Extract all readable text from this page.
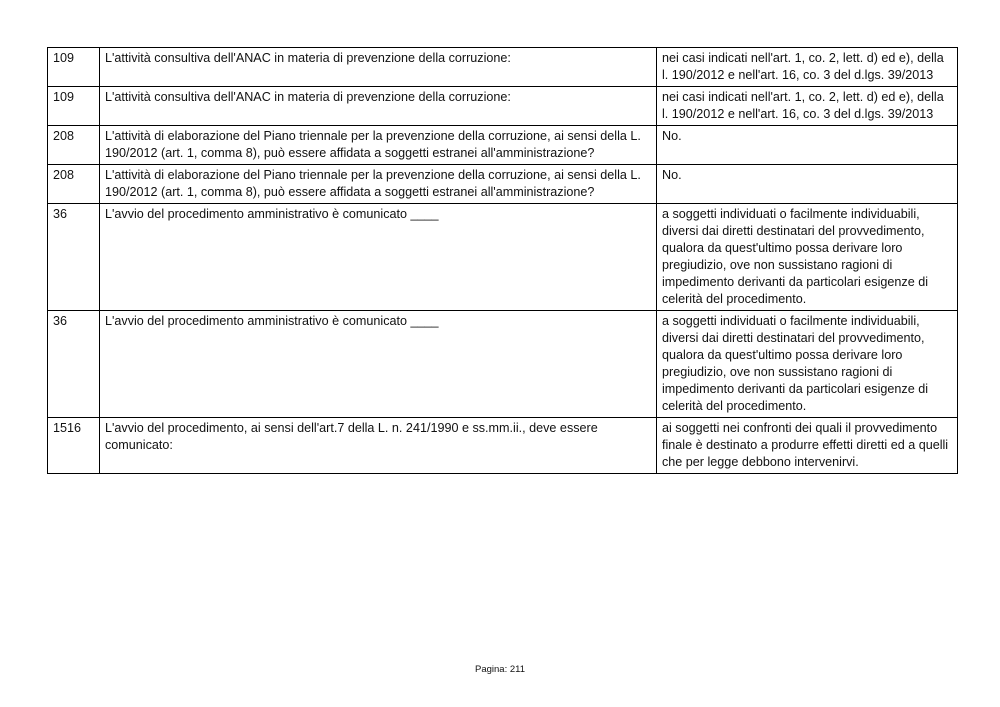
109	L'attività consultiva dell'ANAC in materia di prevenzione della corruzione:	nei casi indicati nell'art. 1, co. 2, lett. d) ed e), della l. 190/2012 e nell'art. 16, co. 3 del d.lgs. 39/2013
109	L'attività consultiva dell'ANAC in materia di prevenzione della corruzione:	nei casi indicati nell'art. 1, co. 2, lett. d) ed e), della l. 190/2012 e nell'art. 16, co. 3 del d.lgs. 39/2013
208	L'attività di elaborazione del Piano triennale per la prevenzione della corruzione, ai sensi della L. 190/2012 (art. 1, comma 8), può essere affidata a soggetti estranei all'amministrazione?	No.
208	L'attività di elaborazione del Piano triennale per la prevenzione della corruzione, ai sensi della L. 190/2012 (art. 1, comma 8), può essere affidata a soggetti estranei all'amministrazione?	No.
36	L'avvio del procedimento amministrativo è comunicato ____	a soggetti individuati o facilmente individuabili, diversi dai diretti destinatari del provvedimento, qualora da quest'ultimo possa derivare loro pregiudizio, ove non sussistano ragioni di impedimento derivanti da particolari esigenze di celerità del procedimento.
36	L'avvio del procedimento amministrativo è comunicato ____	a soggetti individuati o facilmente individuabili, diversi dai diretti destinatari del provvedimento, qualora da quest'ultimo possa derivare loro pregiudizio, ove non sussistano ragioni di impedimento derivanti da particolari esigenze di celerità del procedimento.
1516	L'avvio del procedimento, ai sensi dell'art.7 della L. n. 241/1990 e ss.mm.ii., deve essere comunicato:	ai soggetti nei confronti dei quali il provvedimento finale è destinato a produrre effetti diretti ed a quelli che per legge debbono intervenirvi.
Pagina: 211
